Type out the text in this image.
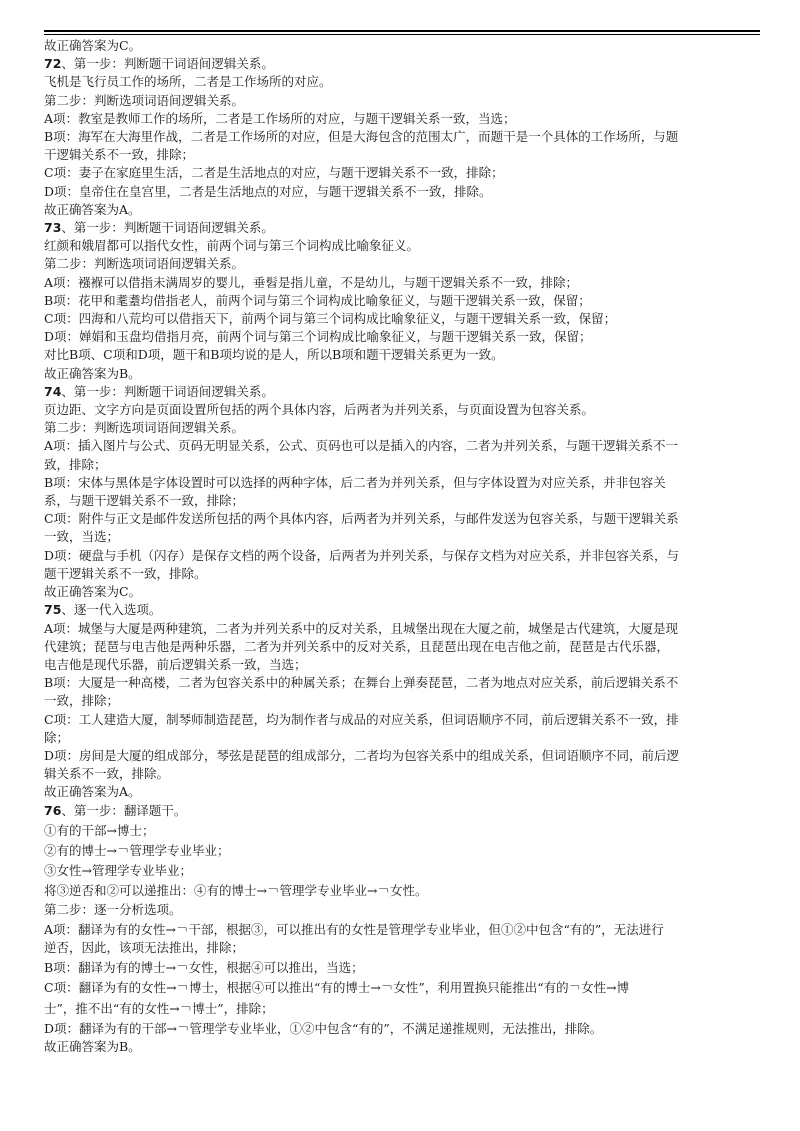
故正确答案为C。

72、第一步：判断题干词语间逻辑关系。

飞机是飞行员工作的场所，二者是工作场所的对应。

第二步：判断选项词语间逻辑关系。

A项：教室是教师工作的场所，二者是工作场所的对应，与题干逻辑关系一致，当选；

B项：海军在大海里作战，二者是工作场所的对应，但是大海包含的范围太广，而题干是一个具体的工作场所，与题

干逻辑关系不一致，排除；

C项：妻子在家庭里生活，二者是生活地点的对应，与题干逻辑关系不一致，排除；

D项：皇帝住在皇宫里，二者是生活地点的对应，与题干逻辑关系不一致，排除。

故正确答案为A。

73、第一步：判断题干词语间逻辑关系。

红颜和娥眉都可以指代女性，前两个词与第三个词构成比喻象征义。

第二步：判断选项词语间逻辑关系。

A项：襁褓可以借指未满周岁的婴儿，垂髫是指儿童，不是幼儿，与题干逻辑关系不一致，排除；

B项：花甲和耄耋均借指老人，前两个词与第三个词构成比喻象征义，与题干逻辑关系一致，保留；

C项：四海和八荒均可以借指天下，前两个词与第三个词构成比喻象征义，与题干逻辑关系一致，保留；

D项：婵娟和玉盘均借指月亮，前两个词与第三个词构成比喻象征义，与题干逻辑关系一致，保留；

对比B项、C项和D项，题干和B项均说的是人，所以B项和题干逻辑关系更为一致。

故正确答案为B。

74、第一步：判断题干词语间逻辑关系。

页边距、文字方向是页面设置所包括的两个具体内容，后两者为并列关系，与页面设置为包容关系。

第二步：判断选项词语间逻辑关系。

A项：插入图片与公式、页码无明显关系，公式、页码也可以是插入的内容，二者为并列关系，与题干逻辑关系不一

致，排除；

B项：宋体与黑体是字体设置时可以选择的两种字体，后二者为并列关系，但与字体设置为对应关系，并非包容关

系，与题干逻辑关系不一致，排除；

C项：附件与正文是邮件发送所包括的两个具体内容，后两者为并列关系，与邮件发送为包容关系，与题干逻辑关系

一致，当选；

D项：硬盘与手机（闪存）是保存文档的两个设备，后两者为并列关系，与保存文档为对应关系，并非包容关系，与

题干逻辑关系不一致，排除。

故正确答案为C。

75、逐一代入选项。

A项：城堡与大厦是两种建筑，二者为并列关系中的反对关系，且城堡出现在大厦之前，城堡是古代建筑，大厦是现

代建筑；琵琶与电吉他是两种乐器，二者为并列关系中的反对关系，且琵琶出现在电吉他之前，琵琶是古代乐器，

电吉他是现代乐器，前后逻辑关系一致，当选；

B项：大厦是一种高楼，二者为包容关系中的种属关系；在舞台上弹奏琵琶，二者为地点对应关系，前后逻辑关系不

一致，排除；

C项：工人建造大厦，制琴师制造琵琶，均为制作者与成品的对应关系，但词语顺序不同，前后逻辑关系不一致，排

除；

D项：房间是大厦的组成部分，琴弦是琵琶的组成部分，二者均为包容关系中的组成关系，但词语顺序不同，前后逻

辑关系不一致，排除。

故正确答案为A。

76、第一步：翻译题干。

①有的干部→博士；

②有的博士→￢管理学专业毕业；

③女性→管理学专业毕业；

将③逆否和②可以递推出：④有的博士→￢管理学专业毕业→￢女性。

第二步：逐一分析选项。

A项：翻译为有的女性→￢干部，根据③，可以推出有的女性是管理学专业毕业，但①②中包含“有的”，无法进行

逆否，因此，该项无法推出，排除；

B项：翻译为有的博士→￢女性，根据④可以推出，当选；

C项：翻译为有的女性→￢博士，根据④可以推出“有的博士→￢女性”，利用置换只能推出“有的￢女性→博

士”，推不出“有的女性→￢博士”，排除；

D项：翻译为有的干部→￢管理学专业毕业，①②中包含“有的”，不满足递推规则，无法推出，排除。

故正确答案为B。
